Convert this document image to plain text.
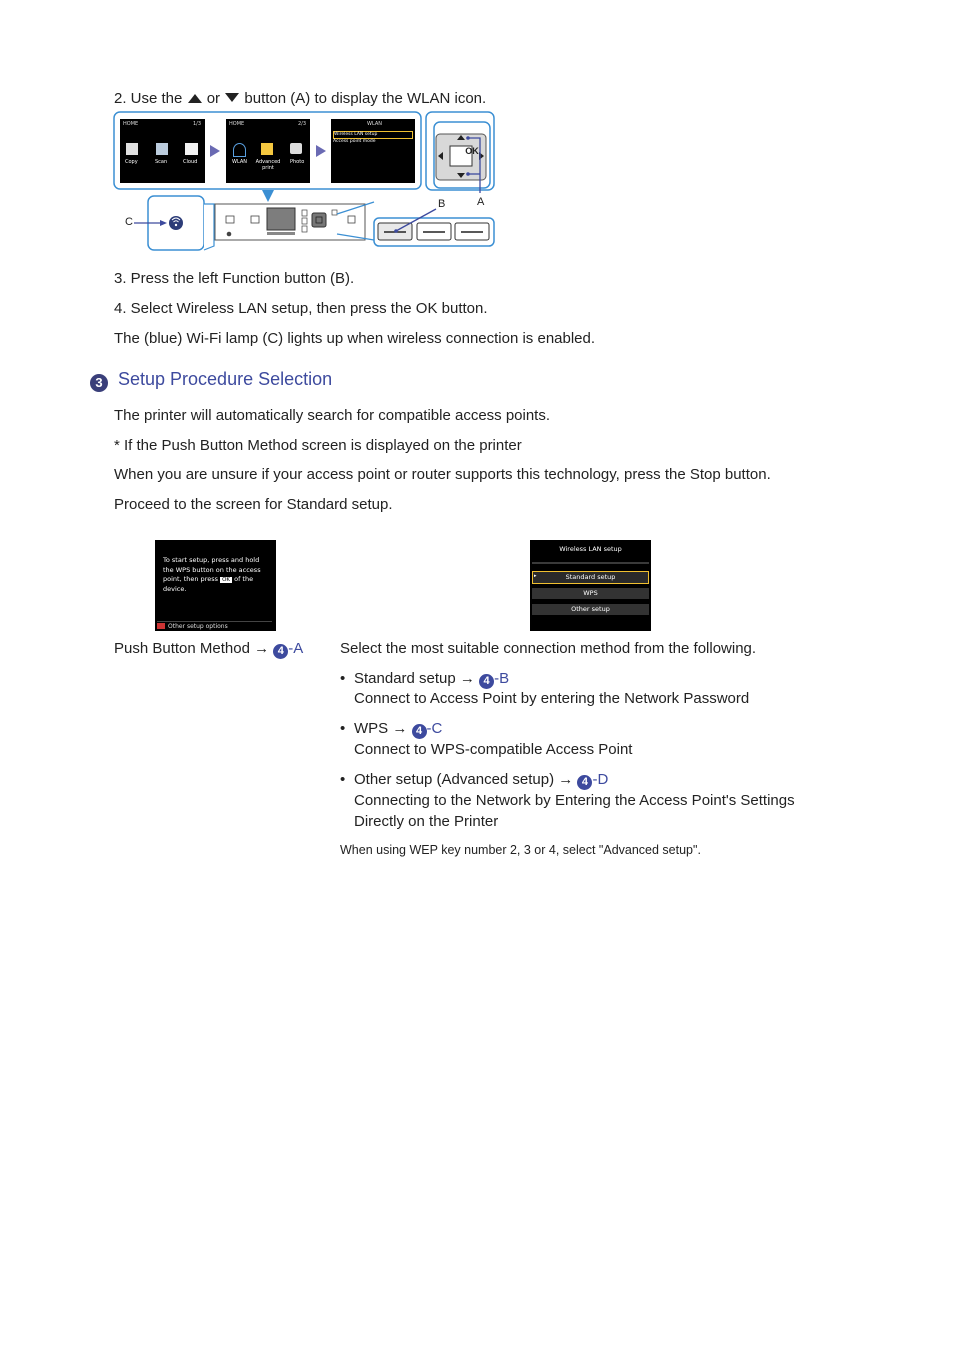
2. Use the or button (A) to display the WLAN icon.
HOME	1/3
Copy	Scan	Cloud
HOME	2/3
WLAN Advanced print
Photo
WLAN
Wireless LAN setup
Access point mode
OK
A
B
C
3. Press the left Function button (B).
4. Select Wireless LAN setup, then press the OK button.
The (blue) Wi-Fi lamp (C) lights up when wireless connection is enabled.
3 Setup Procedure Selection
The printer will automatically search for compatible access points.
* If the Push Button Method screen is displayed on the printer
When you are unsure if your access point or router supports this technology, press the Stop button.
Proceed to the screen for Standard setup.
To start setup, press and hold
the WPS button on the access
point, then press OK of the
device.
Other setup options
Wireless LAN setup
Standard setup
WPS
Other setup
▸
Push Button Method → 4 -A Select the most suitable connection method from the following.
• Standard setup → 4 -B
Connect to Access Point by entering the Network Password
• WPS → 4 -C
Connect to WPS-compatible Access Point
• Other setup (Advanced setup) → 4 -D
Connecting to the Network by Entering the Access Point's Settings
Directly on the Printer
When using WEP key number 2, 3 or 4, select "Advanced setup".
